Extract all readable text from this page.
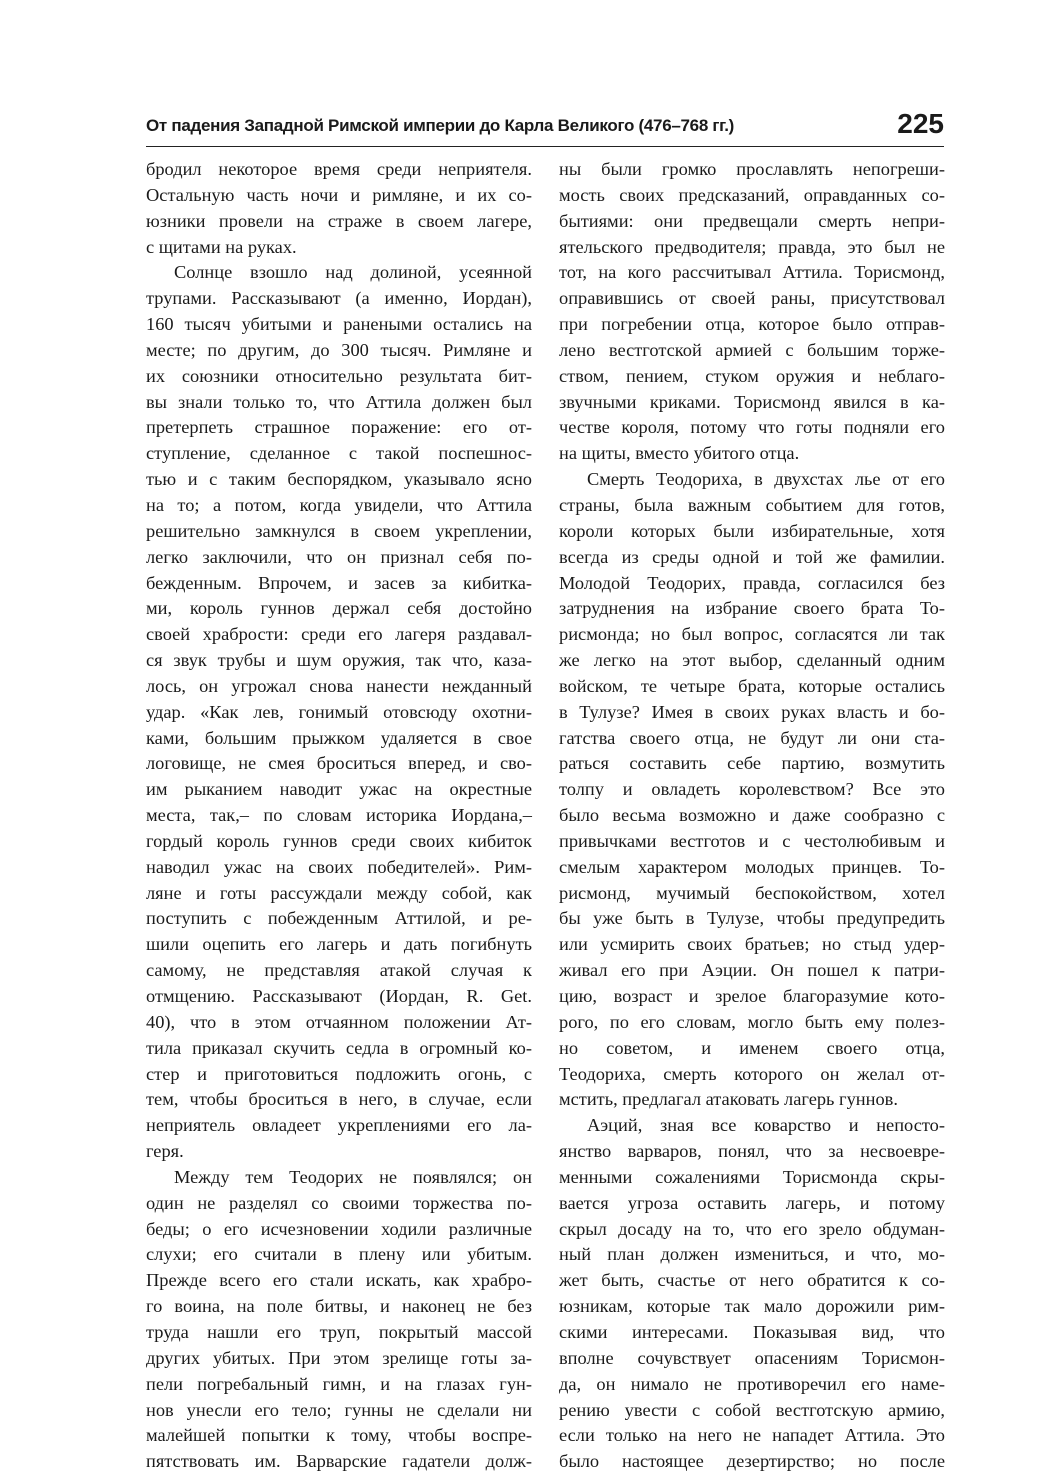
От падения Западной Римской империи до Карла Великого (476–768 гг.)	225
бродил некоторое время среди неприятеля.
Остальную часть ночи и римляне, и их со-
юзники провели на страже в своем лагере,
с щитами на руках.
Солнце взошло над долиной, усеянной
трупами. Рассказывают (а именно, Иордан),
160 тысяч убитыми и ранеными остались на
месте; по другим, до 300 тысяч. Римляне и
их союзники относительно результата бит-
вы знали только то, что Аттила должен был
претерпеть страшное поражение: его от-
ступление, сделанное с такой поспешнос-
тью и с таким беспорядком, указывало ясно
на то; а потом, когда увидели, что Аттила
решительно замкнулся в своем укреплении,
легко заключили, что он признал себя по-
бежденным. Впрочем, и засев за кибитка-
ми, король гуннов держал себя достойно
своей храбрости: среди его лагеря раздавал-
ся звук трубы и шум оружия, так что, каза-
лось, он угрожал снова нанести нежданный
удар. «Как лев, гонимый отовсюду охотни-
ками, большим прыжком удаляется в свое
логовище, не смея броситься вперед, и сво-
им рыканием наводит ужас на окрестные
места, так,– по словам историка Иордана,–
гордый король гуннов среди своих кибиток
наводил ужас на своих победителей». Рим-
ляне и готы рассуждали между собой, как
поступить с побежденным Аттилой, и ре-
шили оцепить его лагерь и дать погибнуть
самому, не представляя атакой случая к
отмщению. Рассказывают (Иордан, R. Get.
40), что в этом отчаянном положении Ат-
тила приказал скучить седла в огромный ко-
стер и приготовиться подложить огонь, с
тем, чтобы броситься в него, в случае, если
неприятель овладеет укреплениями его ла-
геря.
Между тем Теодорих не появлялся; он
один не разделял со своими торжества по-
беды; о его исчезновении ходили различные
слухи; его считали в плену или убитым.
Прежде всего его стали искать, как храбро-
го воина, на поле битвы, и наконец не без
труда нашли его труп, покрытый массой
других убитых. При этом зрелище готы за-
пели погребальный гимн, и на глазах гун-
нов унесли его тело; гунны не сделали ни
малейшей попытки к тому, чтобы воспре-
пятствовать им. Варварские гадатели долж-
ны были громко прославлять непогреши-
мость своих предсказаний, оправданных со-
бытиями: они предвещали смерть непри-
ятельского предводителя; правда, это был не
тот, на кого рассчитывал Аттила. Торисмонд,
оправившись от своей раны, присутствовал
при погребении отца, которое было отправ-
лено вестготской армией с большим торже-
ством, пением, стуком оружия и неблаго-
звучными криками. Торисмонд явился в ка-
честве короля, потому что готы подняли его
на щиты, вместо убитого отца.
Смерть Теодориха, в двухстах лье от его
страны, была важным событием для готов,
короли которых были избирательные, хотя
всегда из среды одной и той же фамилии.
Молодой Теодорих, правда, согласился без
затруднения на избрание своего брата То-
рисмонда; но был вопрос, согласятся ли так
же легко на этот выбор, сделанный одним
войском, те четыре брата, которые остались
в Тулузе? Имея в своих руках власть и бо-
гатства своего отца, не будут ли они ста-
раться составить себе партию, возмутить
толпу и овладеть королевством? Все это
было весьма возможно и даже сообразно с
привычками вестготов и с честолюбивым и
смелым характером молодых принцев. То-
рисмонд, мучимый беспокойством, хотел
бы уже быть в Тулузе, чтобы предупредить
или усмирить своих братьев; но стыд удер-
живал его при Аэции. Он пошел к патри-
цию, возраст и зрелое благоразумие кото-
рого, по его словам, могло быть ему полез-
но советом, и именем своего отца,
Теодориха, смерть которого он желал от-
мстить, предлагал атаковать лагерь гуннов.
Аэций, зная все коварство и непосто-
янство варваров, понял, что за несвоевре-
менными сожалениями Торисмонда скры-
вается угроза оставить лагерь, и потому
скрыл досаду на то, что его зрело обдуман-
ный план должен измениться, и что, мо-
жет быть, счастье от него обратится к со-
юзникам, которые так мало дорожили рим-
скими интересами. Показывая вид, что
вполне сочувствует опасениям Торисмон-
да, он нимало не противоречил его наме-
рению увести с собой вестготскую армию,
если только на него не нападет Аттила. Это
было настоящее дезертирство; но после
